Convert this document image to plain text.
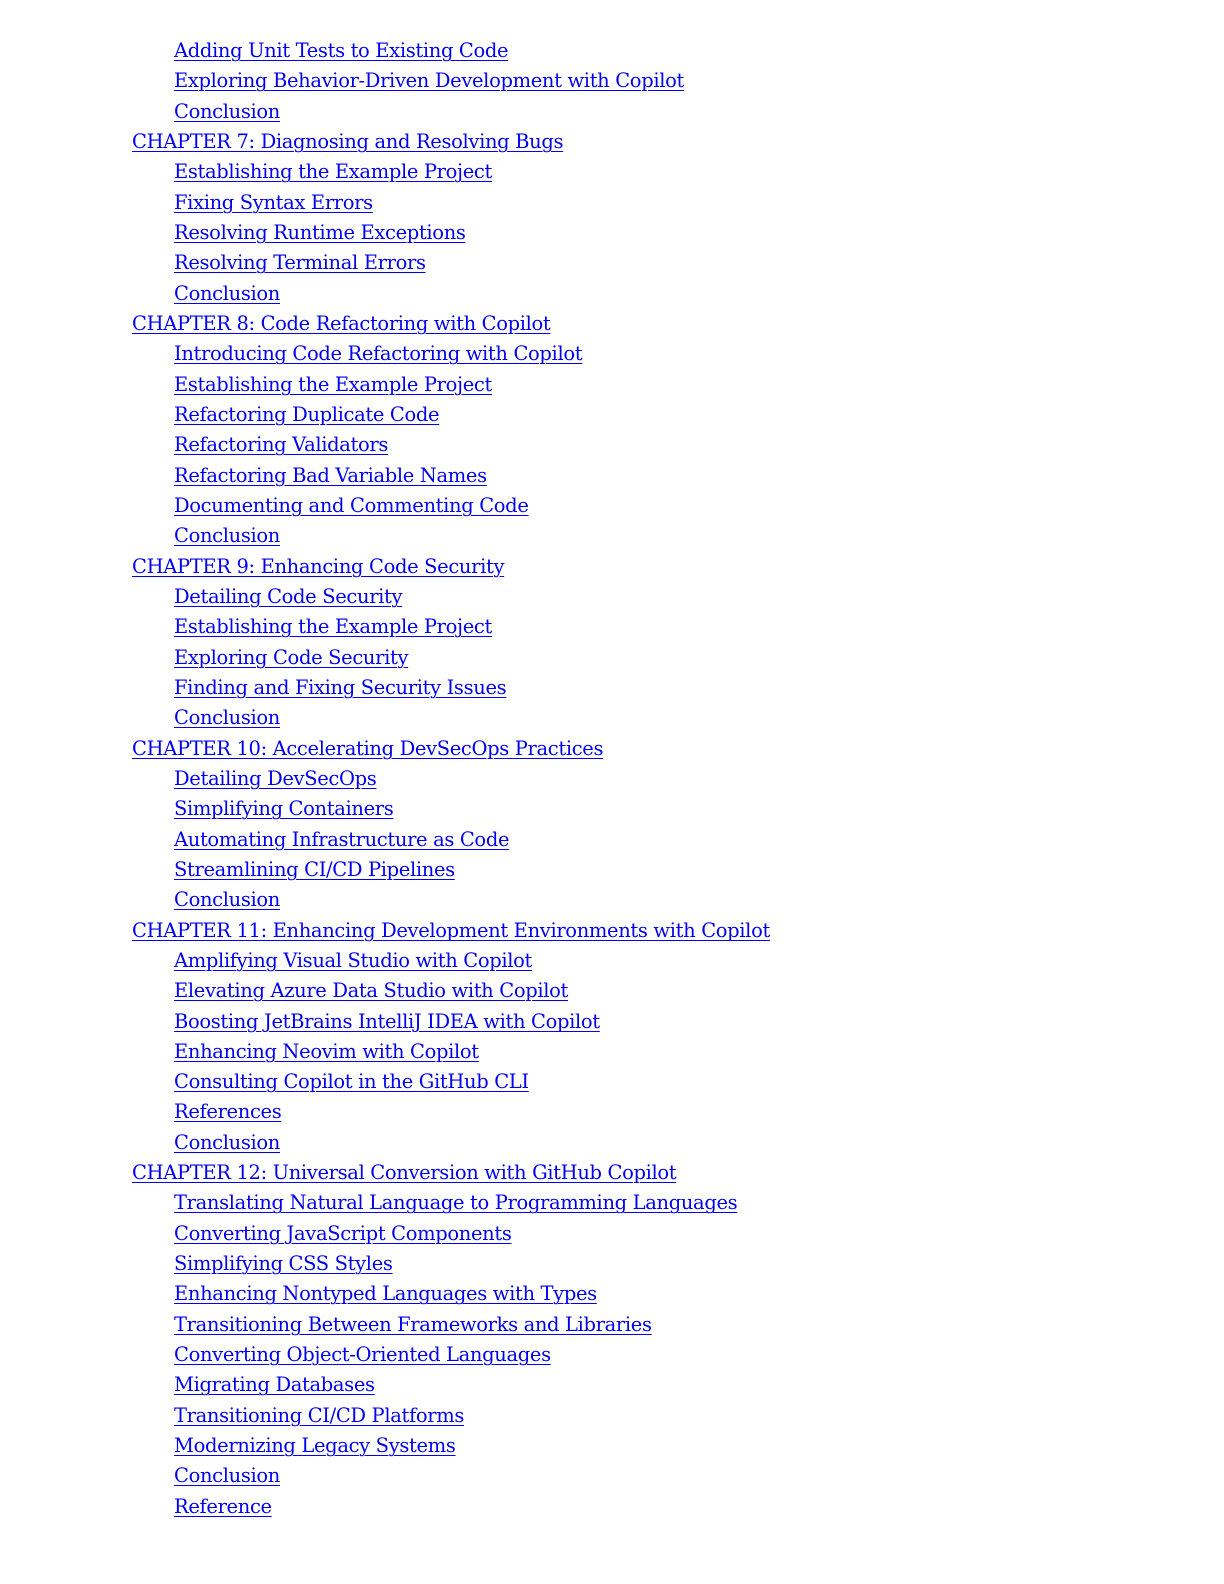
Adding Unit Tests to Existing Code
Exploring Behavior-Driven Development with Copilot
Conclusion
CHAPTER 7: Diagnosing and Resolving Bugs
Establishing the Example Project
Fixing Syntax Errors
Resolving Runtime Exceptions
Resolving Terminal Errors
Conclusion
CHAPTER 8: Code Refactoring with Copilot
Introducing Code Refactoring with Copilot
Establishing the Example Project
Refactoring Duplicate Code
Refactoring Validators
Refactoring Bad Variable Names
Documenting and Commenting Code
Conclusion
CHAPTER 9: Enhancing Code Security
Detailing Code Security
Establishing the Example Project
Exploring Code Security
Finding and Fixing Security Issues
Conclusion
CHAPTER 10: Accelerating DevSecOps Practices
Detailing DevSecOps
Simplifying Containers
Automating Infrastructure as Code
Streamlining CI/CD Pipelines
Conclusion
CHAPTER 11: Enhancing Development Environments with Copilot
Amplifying Visual Studio with Copilot
Elevating Azure Data Studio with Copilot
Boosting JetBrains IntelliJ IDEA with Copilot
Enhancing Neovim with Copilot
Consulting Copilot in the GitHub CLI
References
Conclusion
CHAPTER 12: Universal Conversion with GitHub Copilot
Translating Natural Language to Programming Languages
Converting JavaScript Components
Simplifying CSS Styles
Enhancing Nontyped Languages with Types
Transitioning Between Frameworks and Libraries
Converting Object-Oriented Languages
Migrating Databases
Transitioning CI/CD Platforms
Modernizing Legacy Systems
Conclusion
Reference
